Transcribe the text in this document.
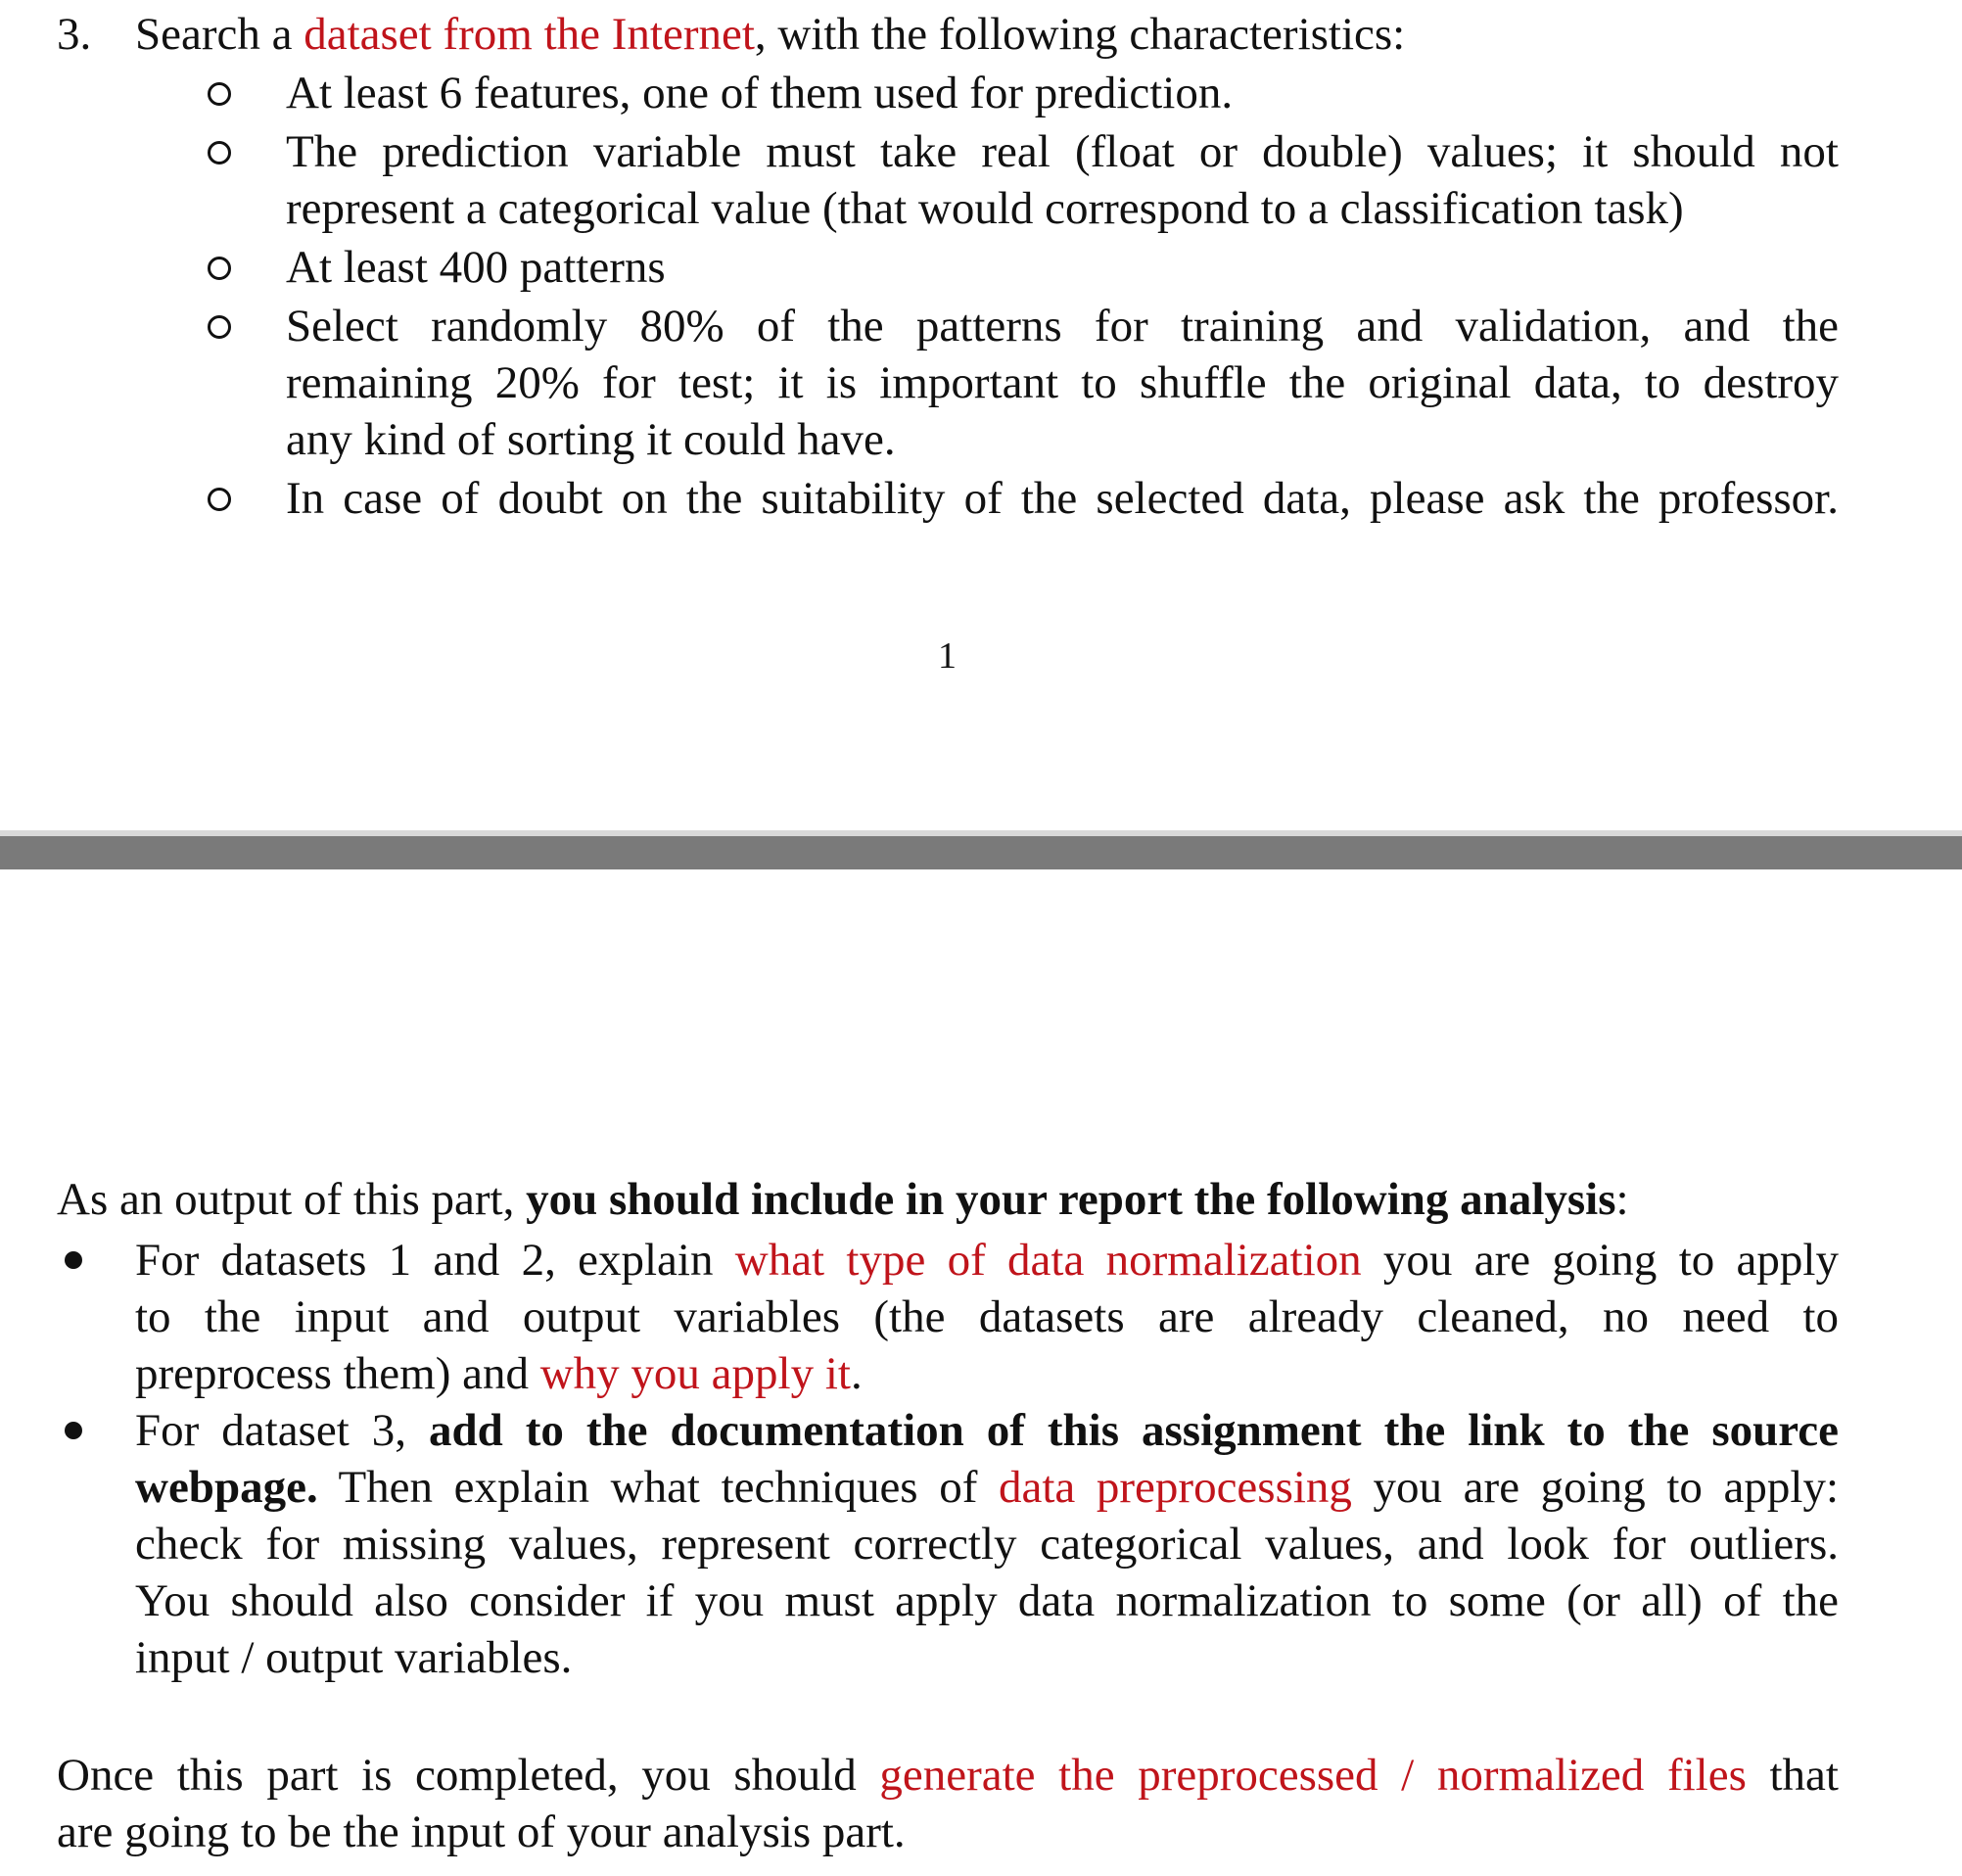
3. Search a dataset from the Internet, with the following characteristics:
At least 6 features, one of them used for prediction.
The prediction variable must take real (float or double) values; it should not
represent a categorical value (that would correspond to a classification task)
At least 400 patterns
Select randomly 80% of the patterns for training and validation, and the
remaining 20% for test; it is important to shuffle the original data, to destroy
any kind of sorting it could have.
In case of doubt on the suitability of the selected data, please ask the professor.
1
As an output of this part, you should include in your report the following analysis:
For datasets 1 and 2, explain what type of data normalization you are going to apply
to the input and output variables (the datasets are already cleaned, no need to
preprocess them) and why you apply it.
For dataset 3, add to the documentation of this assignment the link to the source
webpage. Then explain what techniques of data preprocessing you are going to apply:
check for missing values, represent correctly categorical values, and look for outliers.
You should also consider if you must apply data normalization to some (or all) of the
input / output variables.
Once this part is completed, you should generate the preprocessed / normalized files that
are going to be the input of your analysis part.
